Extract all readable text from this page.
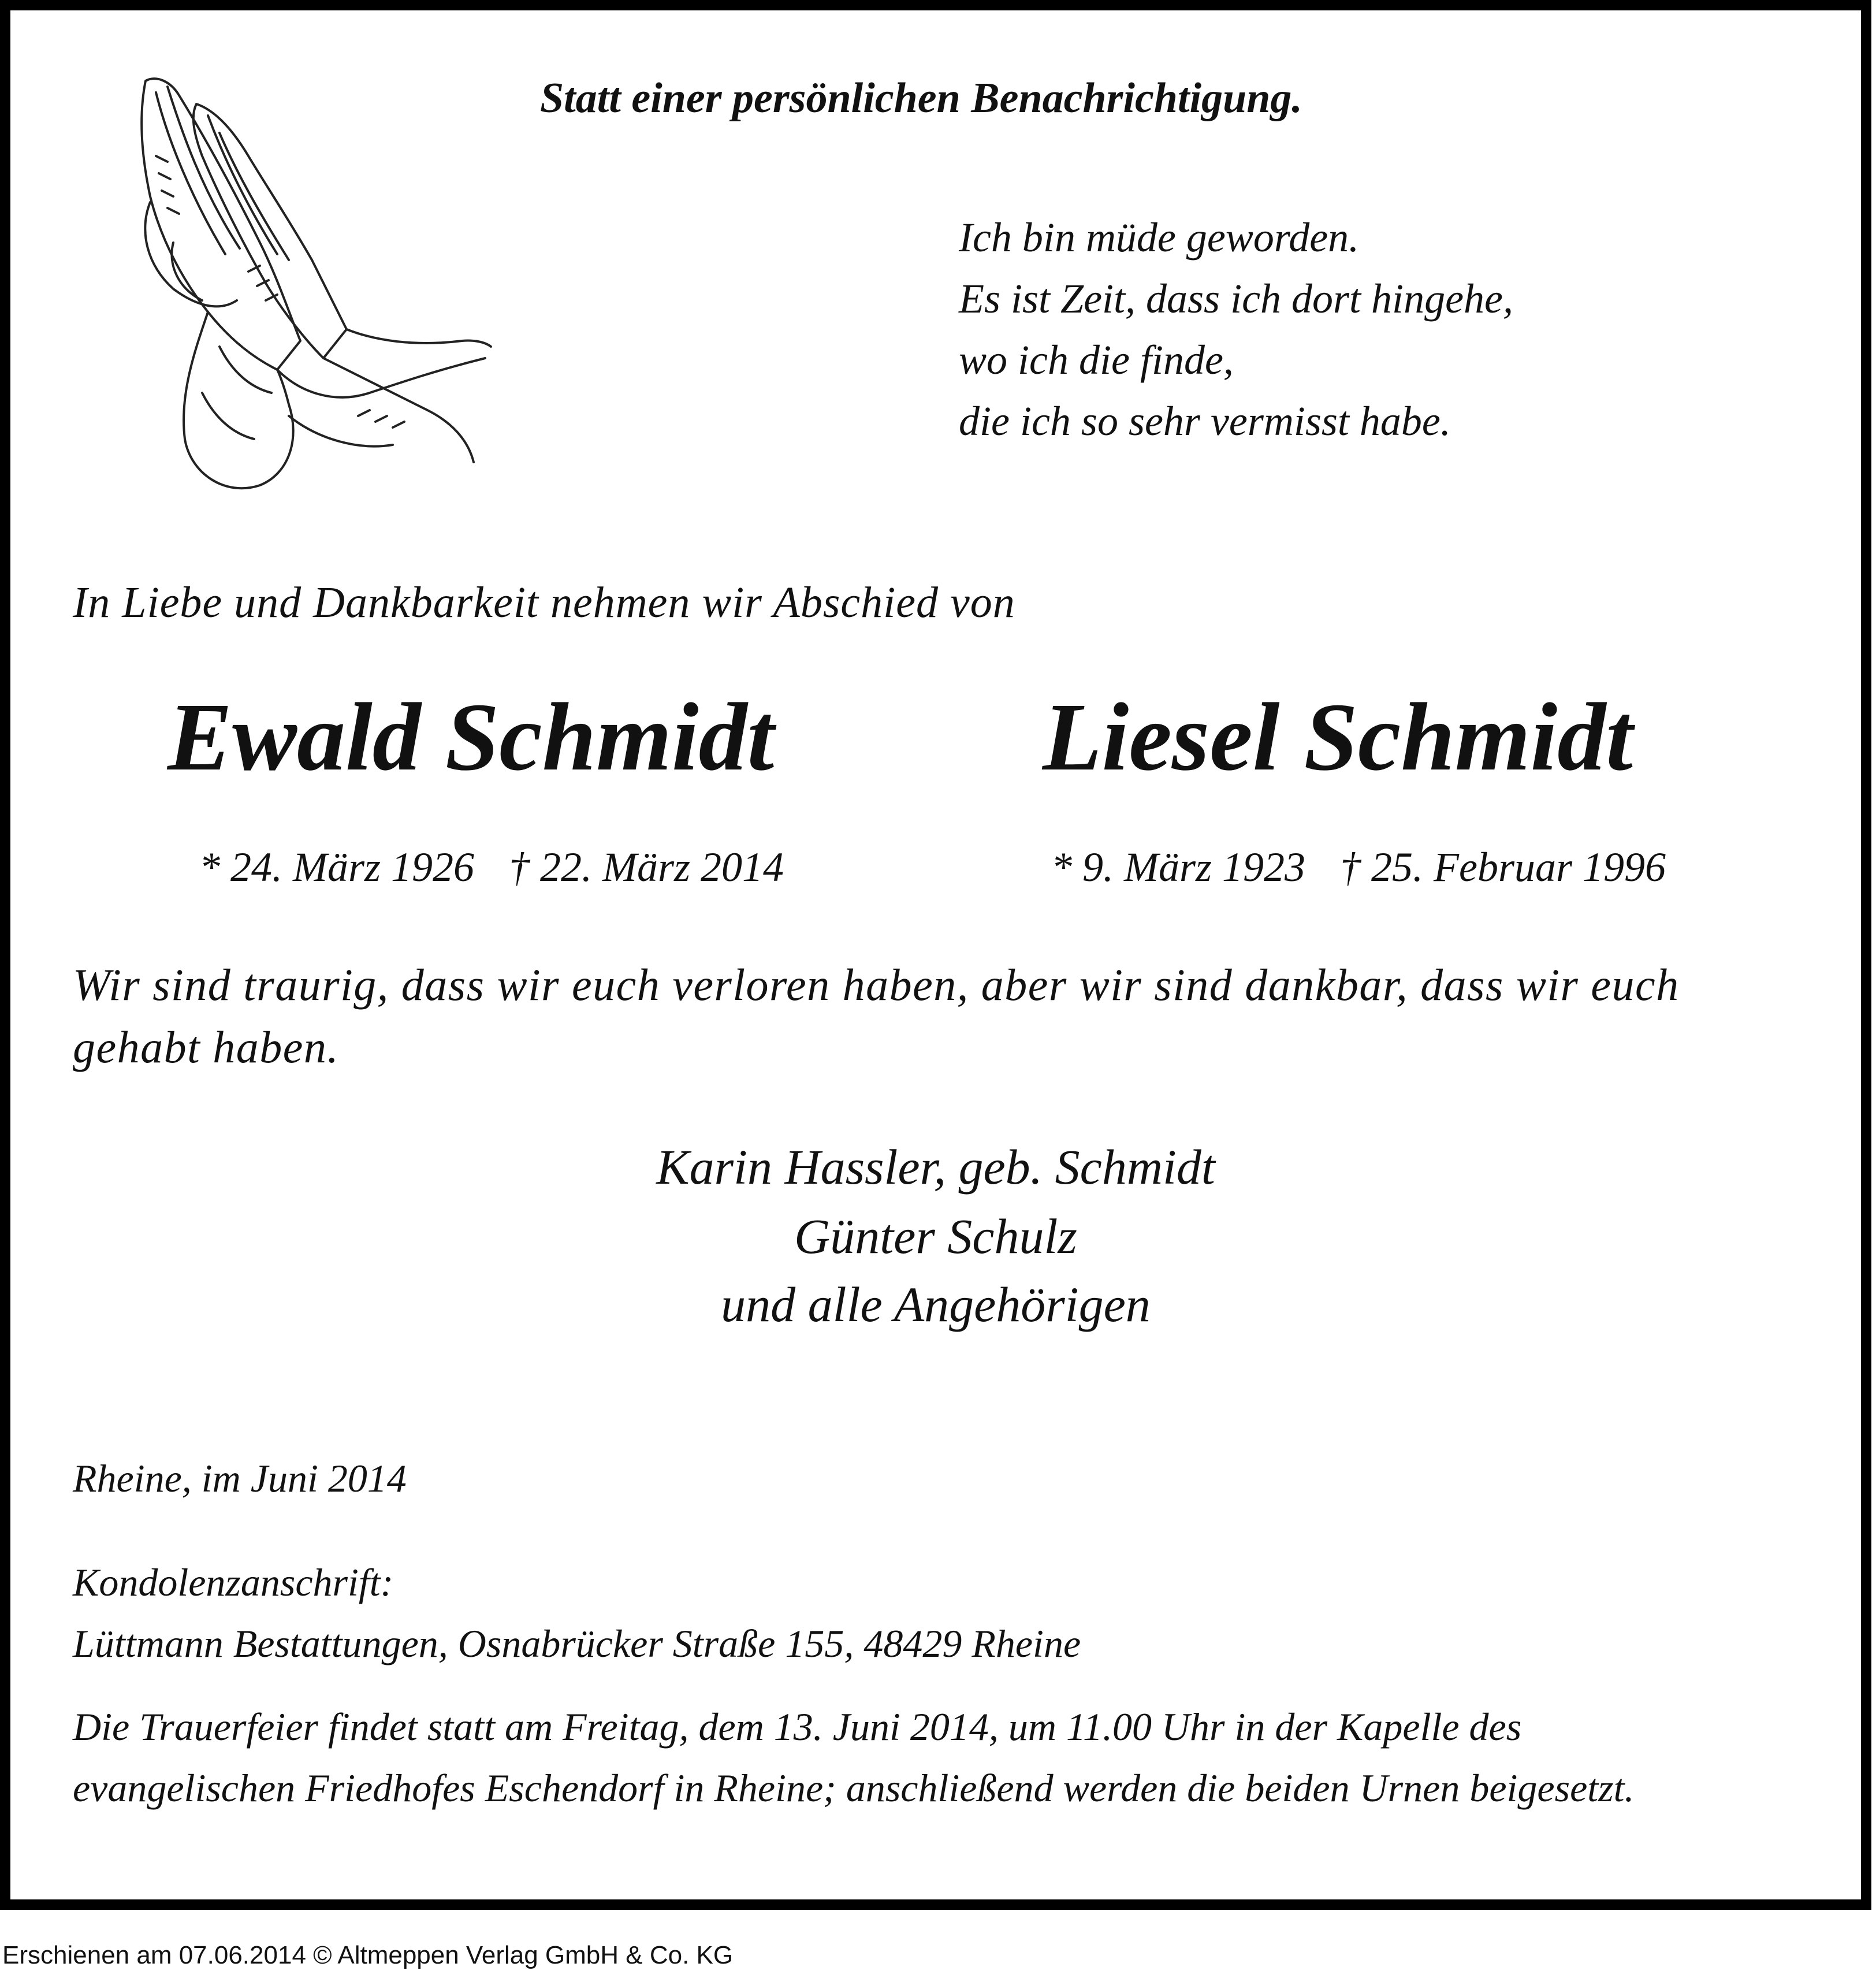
Statt einer persönlichen Benachrichtigung.
Ich bin müde geworden.
Es ist Zeit, dass ich dort hingehe,
wo ich die finde,
die ich so sehr vermisst habe.
In Liebe und Dankbarkeit nehmen wir Abschied von
Ewald Schmidt	Liesel Schmidt
* 24. März 1926 † 22. März 2014	* 9. März 1923 † 25. Februar 1996
Wir sind traurig, dass wir euch verloren haben, aber wir sind dankbar, dass wir euch
gehabt haben.
Karin Hassler, geb. Schmidt
Günter Schulz
und alle Angehörigen
Rheine, im Juni 2014
Kondolenzanschrift:
Lüttmann Bestattungen, Osnabrücker Straße 155, 48429 Rheine
Die Trauerfeier findet statt am Freitag, dem 13. Juni 2014, um 11.00 Uhr in der Kapelle des
evangelischen Friedhofes Eschendorf in Rheine; anschließend werden die beiden Urnen beigesetzt.
Erschienen am 07.06.2014 © Altmeppen Verlag GmbH & Co. KG
